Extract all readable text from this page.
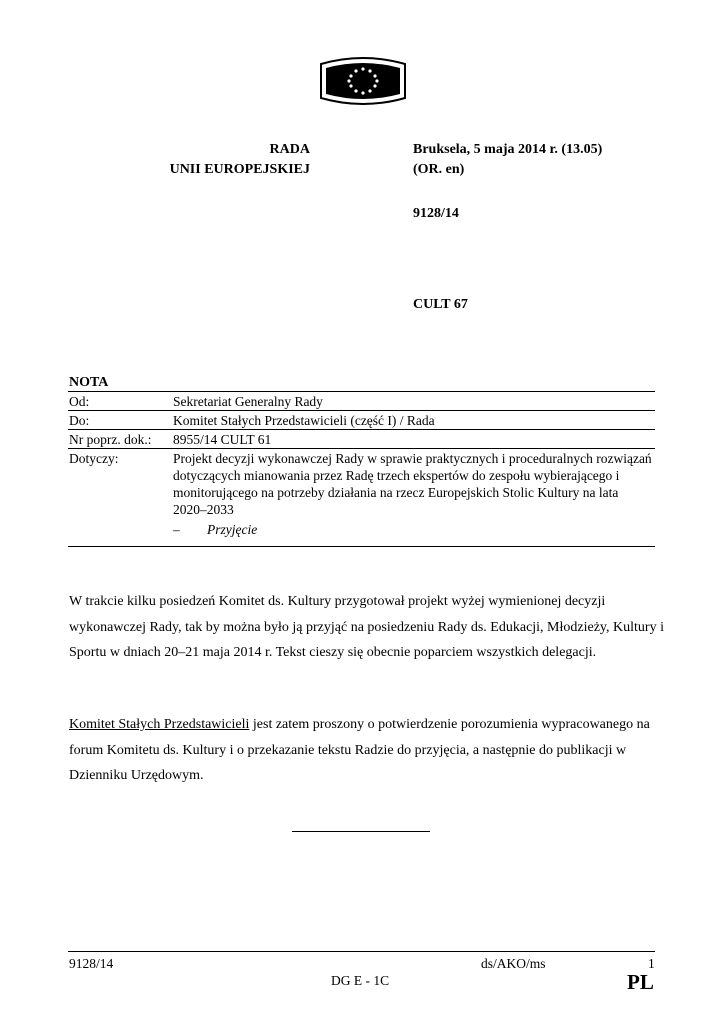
RADA
UNII EUROPEJSKIEJ
Bruksela, 5 maja 2014 r. (13.05)
(OR. en)
9128/14
CULT 67
NOTA
Od:	Sekretariat Generalny Rady
Do:	Komitet Stałych Przedstawicieli (część I) / Rada
Nr poprz. dok.:	8955/14 CULT 61
Dotyczy:	Projekt decyzji wykonawczej Rady w sprawie praktycznych i proceduralnych rozwiązań dotyczących mianowania przez Radę trzech ekspertów do zespołu wybierającego i monitorującego na potrzeby działania na rzecz Europejskich Stolic Kultury na lata 2020–2033
–	Przyjęcie
W trakcie kilku posiedzeń Komitet ds. Kultury przygotował projekt wyżej wymienionej decyzji wykonawczej Rady, tak by można było ją przyjąć na posiedzeniu Rady ds. Edukacji, Młodzieży, Kultury i Sportu w dniach 20–21 maja 2014 r. Tekst cieszy się obecnie poparciem wszystkich delegacji.
Komitet Stałych Przedstawicieli jest zatem proszony o potwierdzenie porozumienia wypracowanego na forum Komitetu ds. Kultury i o przekazanie tekstu Radzie do przyjęcia, a następnie do publikacji w Dzienniku Urzędowym.
9128/14	ds/AKO/ms	1
DG E - 1C	PL
